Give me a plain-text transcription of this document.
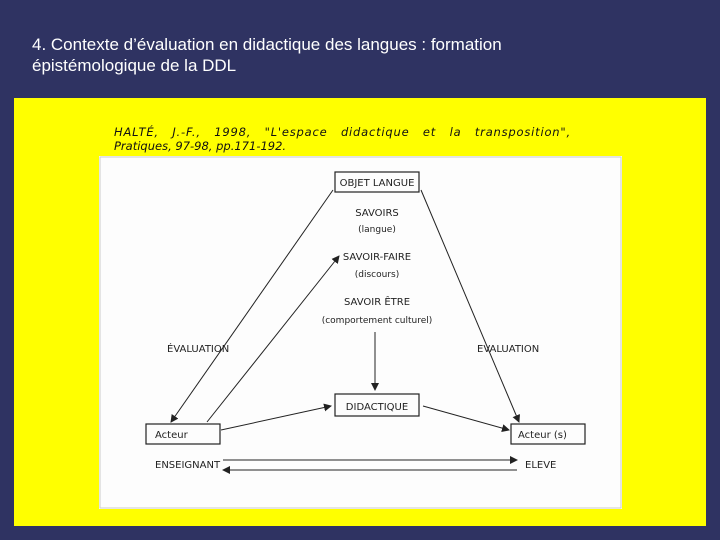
4. Contexte d’évaluation en didactique des langues : formation
épistémologique de la DDL
HALTÉ, J.-F., 1998, "L'espace didactique et la transposition",
Pratiques, 97-98, pp.171-192.
OBJET LANGUE
SAVOIRS
(langue)
SAVOIR-FAIRE
(discours)
SAVOIR ÊTRE
(comportement culturel)
ÉVALUATION	EVALUATION
DIDACTIQUE
Acteur	Acteur (s)
ENSEIGNANT	ELEVE
